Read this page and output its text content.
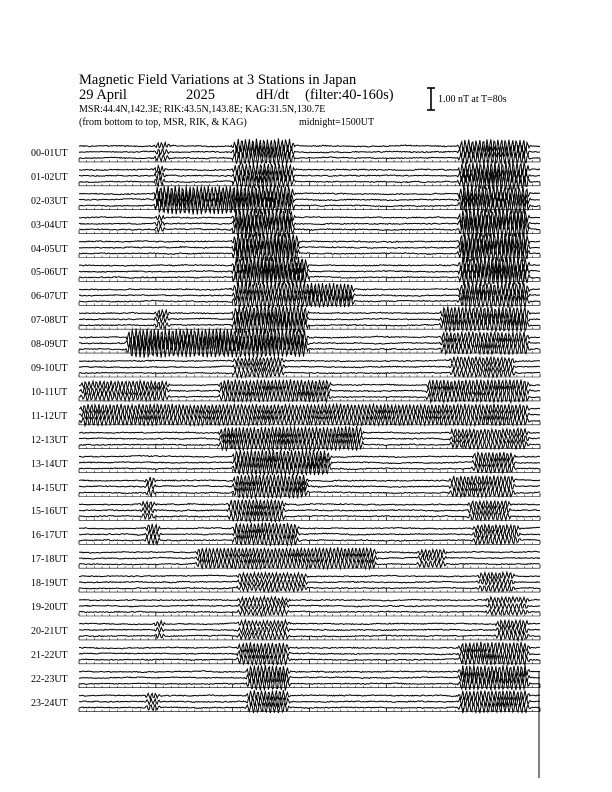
Magnetic Field Variations at 3 Stations in Japan
29 April	2025	dH/dt (filter:40-160s)
MSR:44.4N,142.3E; RIK:43.5N,143.8E; KAG:31.5N,130.7E
(from bottom to top, MSR, RIK, & KAG)	midnight=1500UT
1.00 nT at T=80s
00-01UT
01-02UT
02-03UT
03-04UT
04-05UT
05-06UT
06-07UT
07-08UT
08-09UT
09-10UT
10-11UT
11-12UT
12-13UT
13-14UT
14-15UT
15-16UT
16-17UT
17-18UT
18-19UT
19-20UT
20-21UT
21-22UT
22-23UT
23-24UT
